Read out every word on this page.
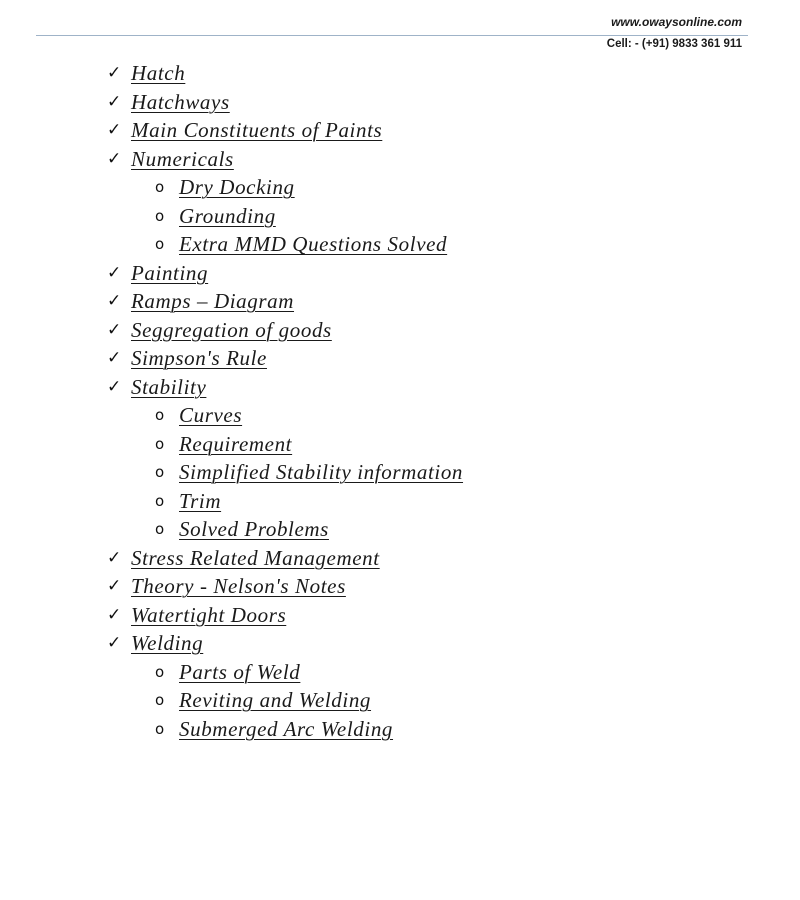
www.owaysonline.com
Cell: - (+91) 9833 361 911
✓ Hatch
✓ Hatchways
✓ Main Constituents of Paints
✓ Numericals
o Dry Docking
o Grounding
o Extra MMD Questions Solved
✓ Painting
✓ Ramps – Diagram
✓ Seggregation of goods
✓ Simpson's Rule
✓ Stability
o Curves
o Requirement
o Simplified Stability information
o Trim
o Solved Problems
✓ Stress Related Management
✓ Theory - Nelson's Notes
✓ Watertight Doors
✓ Welding
o Parts of Weld
o Reviting and Welding
o Submerged Arc Welding
